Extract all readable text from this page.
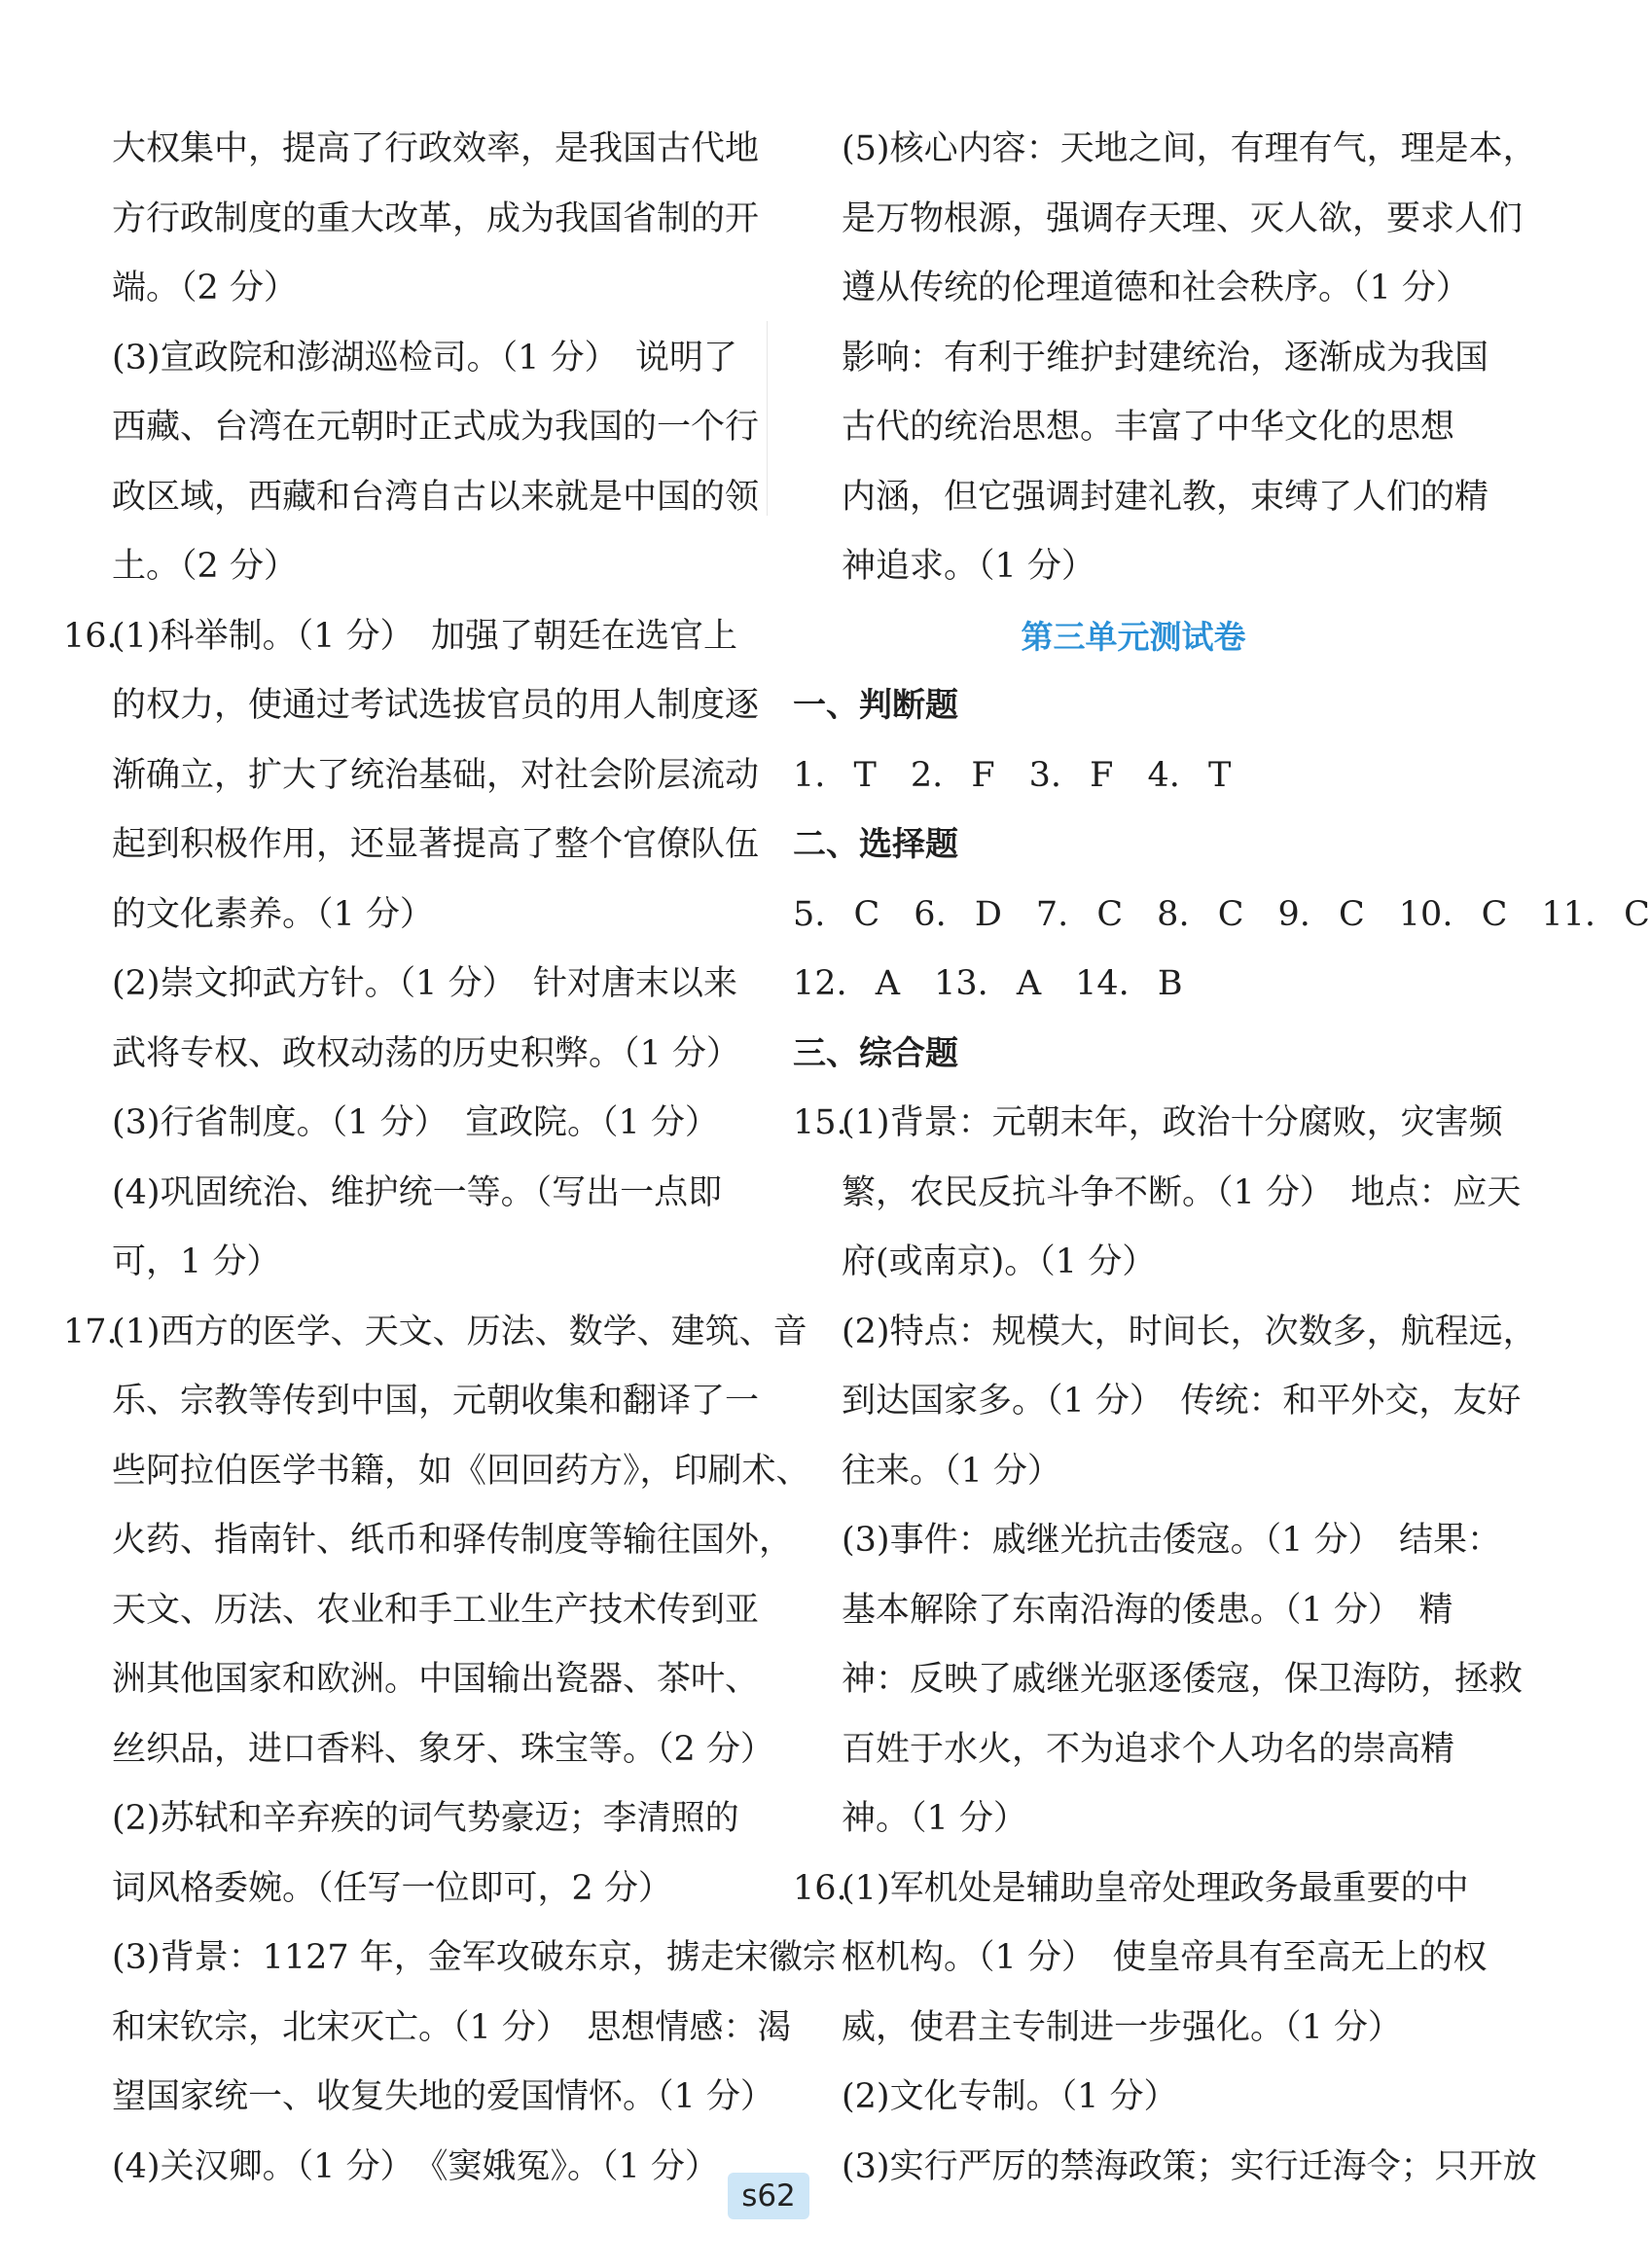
大权集中，提高了行政效率，是我国古代地
方行政制度的重大改革，成为我国省制的开
端。（2 分）
(3)宣政院和澎湖巡检司。（1 分）　说明了
西藏、台湾在元朝时正式成为我国的一个行
政区域，西藏和台湾自古以来就是中国的领
土。（2 分）
16.(1)科举制。（1 分）　加强了朝廷在选官上
的权力，使通过考试选拔官员的用人制度逐
渐确立，扩大了统治基础，对社会阶层流动
起到积极作用，还显著提高了整个官僚队伍
的文化素养。（1 分）
(2)崇文抑武方针。（1 分）　针对唐末以来
武将专权、政权动荡的历史积弊。（1 分）
(3)行省制度。（1 分）　宣政院。（1 分）
(4)巩固统治、维护统一等。（写出一点即
可，1 分）
17.(1)西方的医学、天文、历法、数学、建筑、音
乐、宗教等传到中国，元朝收集和翻译了一
些阿拉伯医学书籍，如《回回药方》，印刷术、
火药、指南针、纸币和驿传制度等输往国外，
天文、历法、农业和手工业生产技术传到亚
洲其他国家和欧洲。中国输出瓷器、茶叶、
丝织品，进口香料、象牙、珠宝等。（2 分）
(2)苏轼和辛弃疾的词气势豪迈；李清照的
词风格委婉。（任写一位即可，2 分）
(3)背景：1127 年，金军攻破东京，掳走宋徽宗
和宋钦宗，北宋灭亡。（1 分）　思想情感：渴
望国家统一、收复失地的爱国情怀。（1 分）
(4)关汉卿。（1 分）　《窦娥冤》。（1 分）
(5)核心内容：天地之间，有理有气，理是本，
是万物根源，强调存天理、灭人欲，要求人们
遵从传统的伦理道德和社会秩序。（1 分）
影响：有利于维护封建统治，逐渐成为我国
古代的统治思想。丰富了中华文化的思想
内涵，但它强调封建礼教，束缚了人们的精
神追求。（1 分）
第三单元测试卷
一、判断题
1. T　2. F　3. F　4. T
二、选择题
5. C　6. D　7. C　8. C　9. C　10. C　11. C
12. A　13. A　14. B
三、综合题
15.(1)背景：元朝末年，政治十分腐败，灾害频
繁，农民反抗斗争不断。（1 分）　地点：应天
府(或南京)。（1 分）
(2)特点：规模大，时间长，次数多，航程远，
到达国家多。（1 分）　传统：和平外交，友好
往来。（1 分）
(3)事件：戚继光抗击倭寇。（1 分）　结果：
基本解除了东南沿海的倭患。（1 分）　精
神：反映了戚继光驱逐倭寇，保卫海防，拯救
百姓于水火，不为追求个人功名的崇高精
神。（1 分）
16.(1)军机处是辅助皇帝处理政务最重要的中
枢机构。（1 分）　使皇帝具有至高无上的权
威，使君主专制进一步强化。（1 分）
(2)文化专制。（1 分）
(3)实行严厉的禁海政策；实行迁海令；只开放
s62
